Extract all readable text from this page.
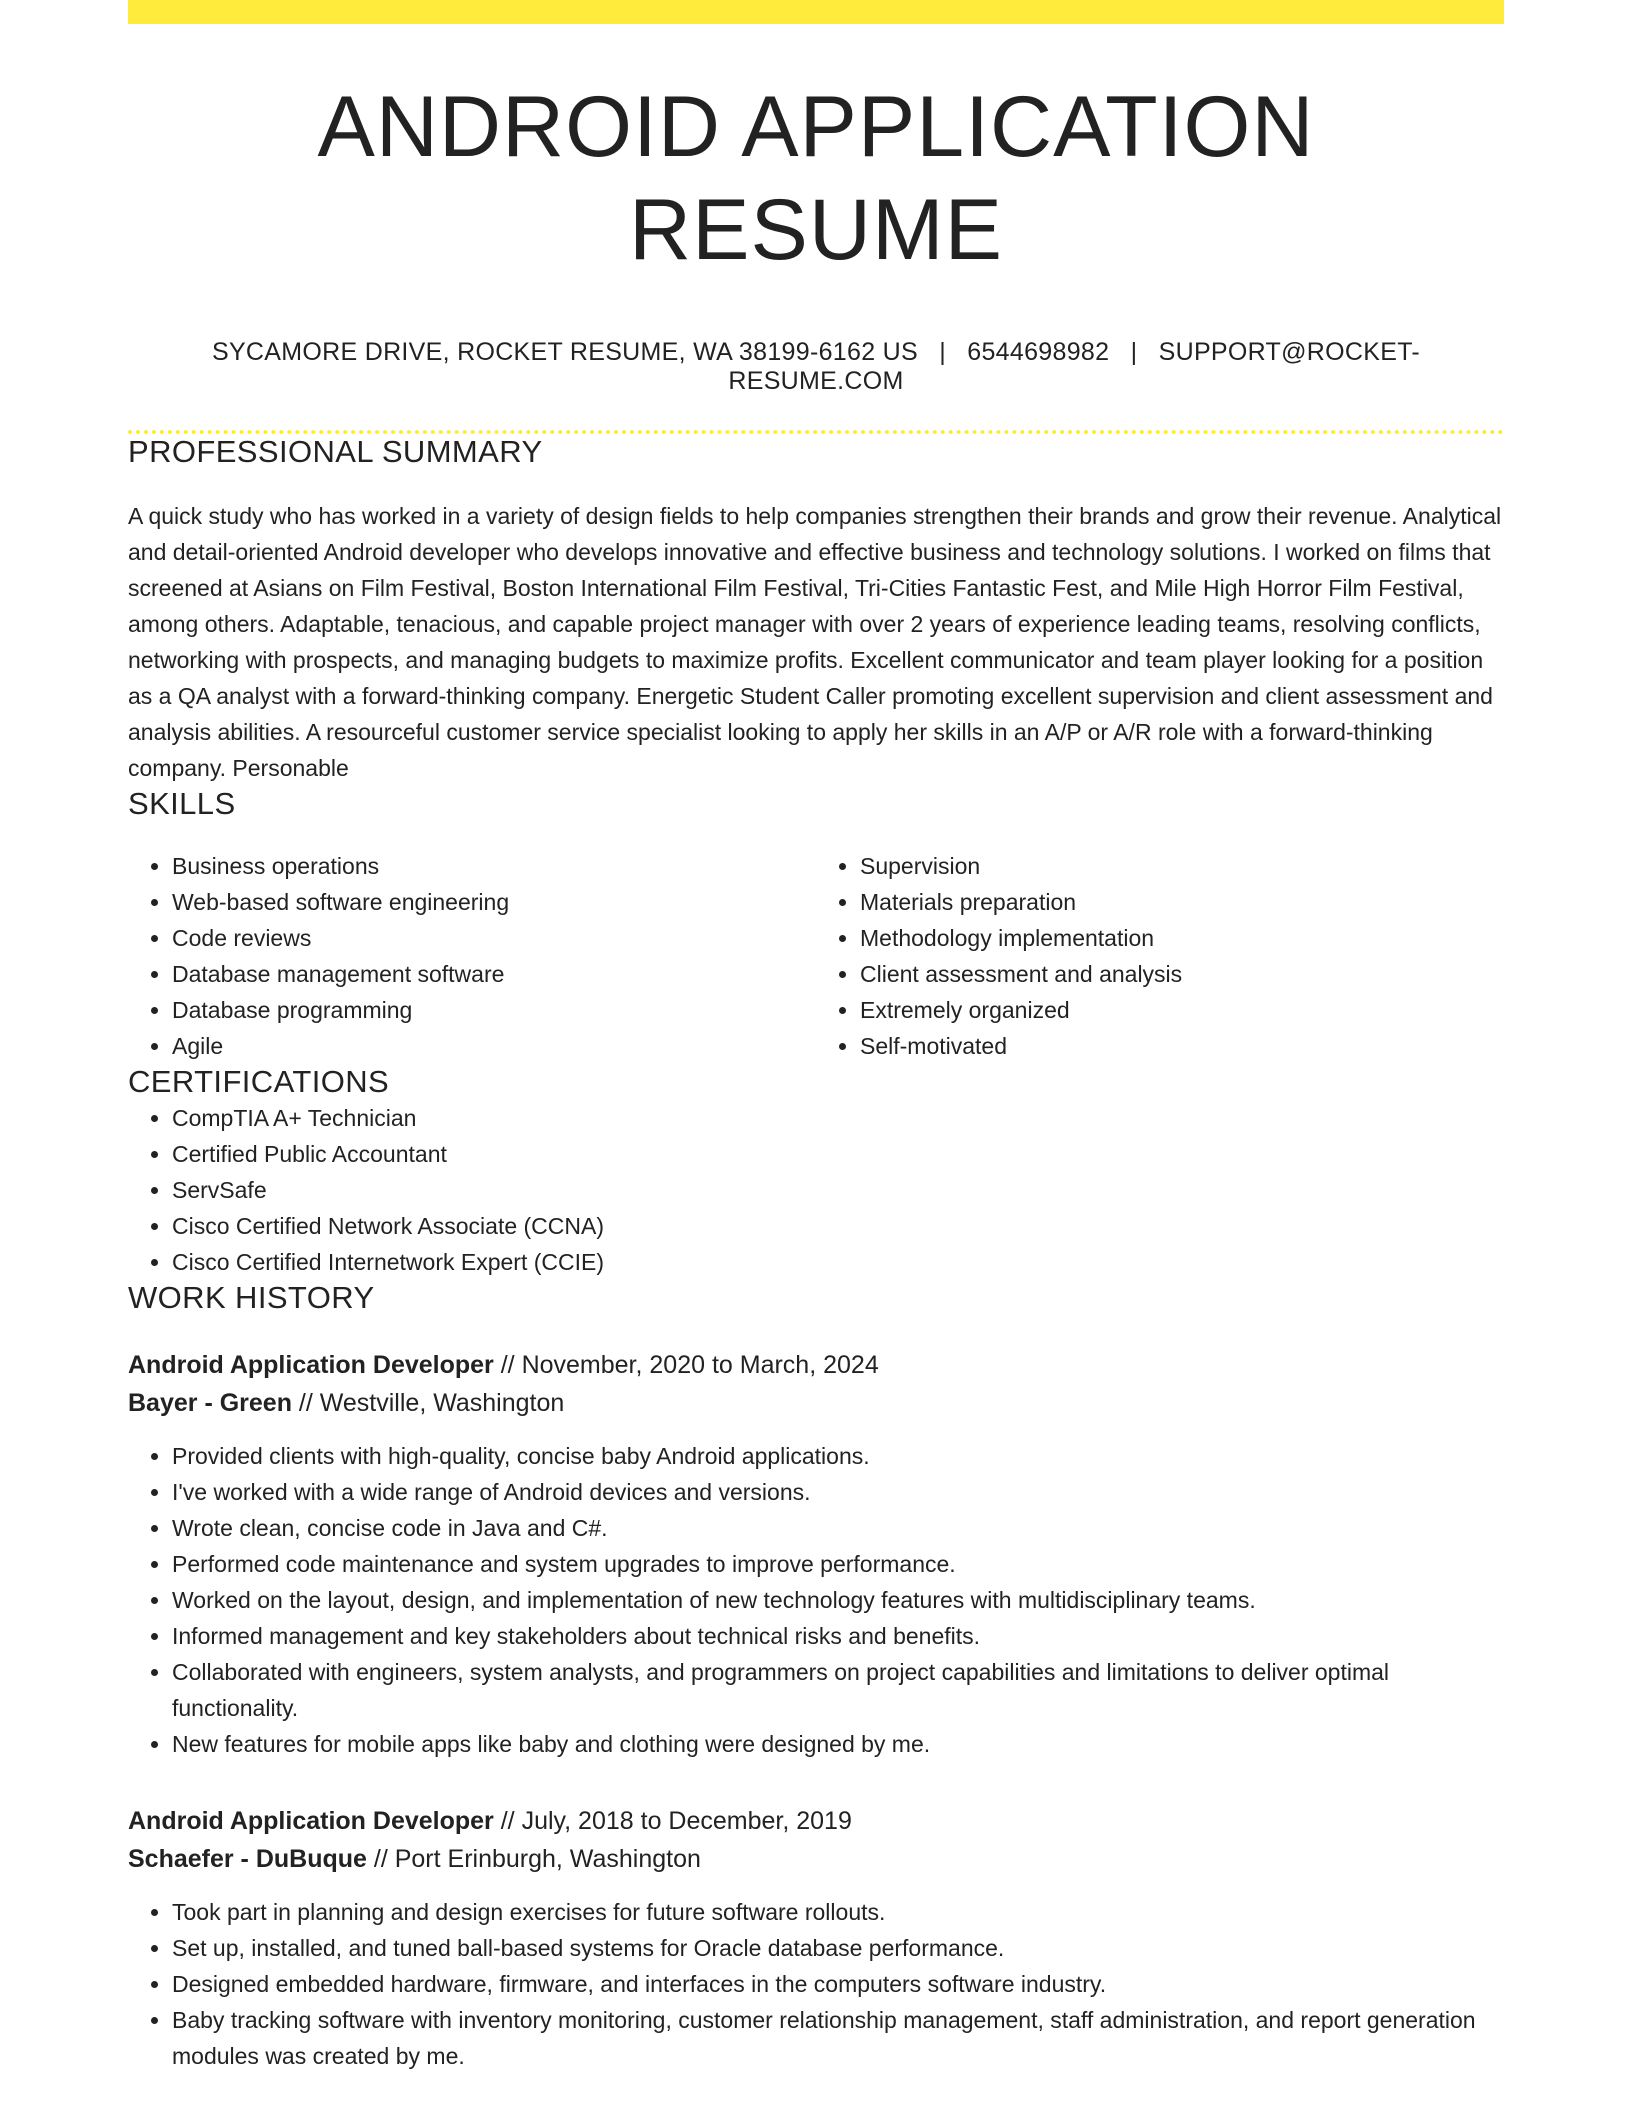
ANDROID APPLICATION RESUME
SYCAMORE DRIVE, ROCKET RESUME, WA 38199-6162 US | 6544698982 | SUPPORT@ROCKET-RESUME.COM
PROFESSIONAL SUMMARY

A quick study who has worked in a variety of design fields to help companies strengthen their brands and grow their revenue. Analytical and detail-oriented Android developer who develops innovative and effective business and technology solutions. I worked on films that screened at Asians on Film Festival, Boston International Film Festival, Tri-Cities Fantastic Fest, and Mile High Horror Film Festival, among others. Adaptable, tenacious, and capable project manager with over 2 years of experience leading teams, resolving conflicts, networking with prospects, and managing budgets to maximize profits. Excellent communicator and team player looking for a position as a QA analyst with a forward-thinking company. Energetic Student Caller promoting excellent supervision and client assessment and analysis abilities. A resourceful customer service specialist looking to apply her skills in an A/P or A/R role with a forward-thinking company. Personable

SKILLS
• Business operations
• Web-based software engineering
• Code reviews
• Database management software
• Database programming
• Agile
• Supervision
• Materials preparation
• Methodology implementation
• Client assessment and analysis
• Extremely organized
• Self-motivated
CERTIFICATIONS
• CompTIA A+ Technician
• Certified Public Accountant
• ServSafe
• Cisco Certified Network Associate (CCNA)
• Cisco Certified Internetwork Expert (CCIE)
WORK HISTORY
Android Application Developer // November, 2020 to March, 2024
Bayer - Green // Westville, Washington
• Provided clients with high-quality, concise baby Android applications.
• I've worked with a wide range of Android devices and versions.
• Wrote clean, concise code in Java and C#.
• Performed code maintenance and system upgrades to improve performance.
• Worked on the layout, design, and implementation of new technology features with multidisciplinary teams.
• Informed management and key stakeholders about technical risks and benefits.
• Collaborated with engineers, system analysts, and programmers on project capabilities and limitations to deliver optimal functionality.
• New features for mobile apps like baby and clothing were designed by me.
Android Application Developer // July, 2018 to December, 2019
Schaefer - DuBuque // Port Erinburgh, Washington
• Took part in planning and design exercises for future software rollouts.
• Set up, installed, and tuned ball-based systems for Oracle database performance.
• Designed embedded hardware, firmware, and interfaces in the computers software industry.
• Baby tracking software with inventory monitoring, customer relationship management, staff administration, and report generation modules was created by me.
